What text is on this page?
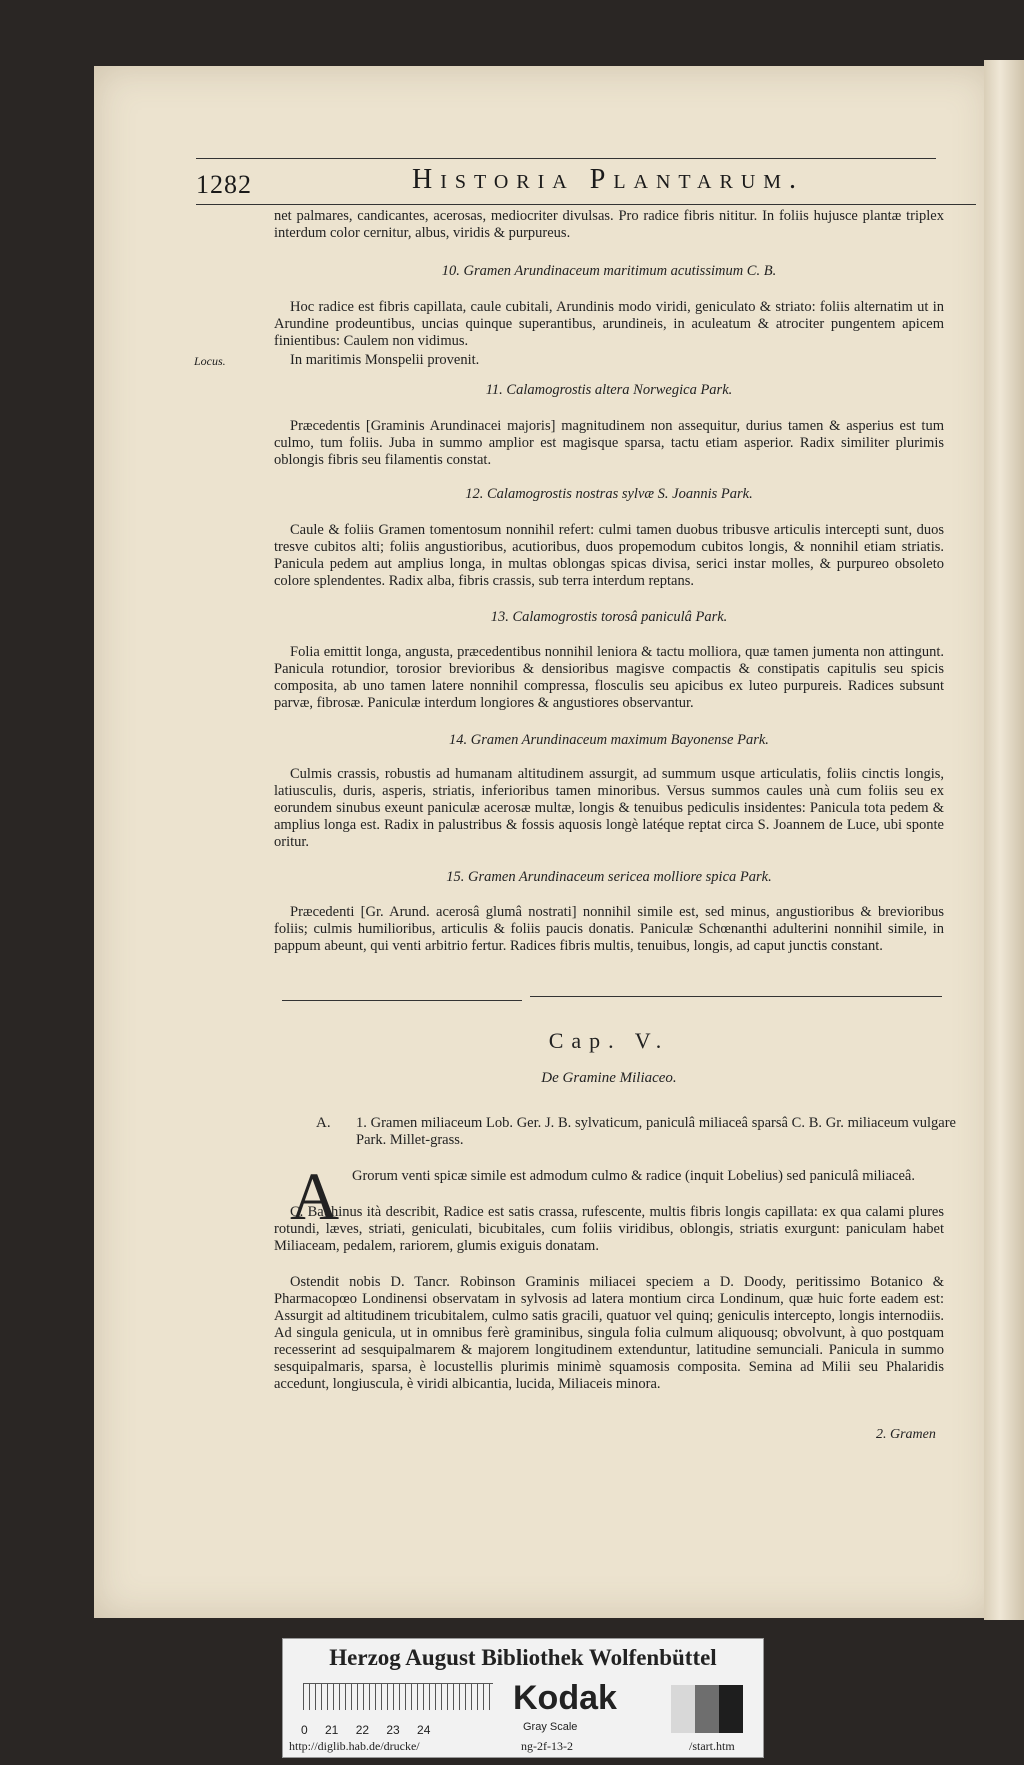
1282	Historia Plantarum.

net palmares, candicantes, acerosas, mediocriter divulsas. Pro radice fibris nititur. In foliis hujusce plantæ triplex interdum color cernitur, albus, viridis & purpureus.

10. Gramen Arundinaceum maritimum acutissimum C. B.

Hoc radice est fibris capillata, caule cubitali, Arundinis modo viridi, geniculato & striato: foliis alternatim ut in Arundine prodeuntibus, uncias quinque superantibus, arundineis, in aculeatum & atrociter pungentem apicem finientibus: Caulem non vidimus.

In maritimis Monspelii provenit.

Locus.
11. Calamogrostis altera Norwegica Park.

Præcedentis [Graminis Arundinacei majoris] magnitudinem non assequitur, durius tamen & asperius est tum culmo, tum foliis. Juba in summo amplior est magisque sparsa, tactu etiam asperior. Radix similiter plurimis oblongis fibris seu filamentis constat.

12. Calamogrostis nostras sylvæ S. Joannis Park.

Caule & foliis Gramen tomentosum nonnihil refert: culmi tamen duobus tribusve articulis intercepti sunt, duos tresve cubitos alti; foliis angustioribus, acutioribus, duos propemodum cubitos longis, & nonnihil etiam striatis. Panicula pedem aut amplius longa, in multas oblongas spicas divisa, serici instar molles, & purpureo obsoleto colore splendentes. Radix alba, fibris crassis, sub terra interdum reptans.

13. Calamogrostis torosâ paniculâ Park.

Folia emittit longa, angusta, præcedentibus nonnihil leniora & tactu molliora, quæ tamen jumenta non attingunt. Panicula rotundior, torosior brevioribus & densioribus magisve compactis & constipatis capitulis seu spicis composita, ab uno tamen latere nonnihil compressa, flosculis seu apicibus ex luteo purpureis. Radices subsunt parvæ, fibrosæ. Paniculæ interdum longiores & angustiores observantur.

14. Gramen Arundinaceum maximum Bayonense Park.

Culmis crassis, robustis ad humanam altitudinem assurgit, ad summum usque articulatis, foliis cinctis longis, latiusculis, duris, asperis, striatis, inferioribus tamen minoribus. Versus summos caules unà cum foliis seu ex eorundem sinubus exeunt paniculæ acerosæ multæ, longis & tenuibus pediculis insidentes: Panicula tota pedem & amplius longa est. Radix in palustribus & fossis aquosis longè latéque reptat circa S. Joannem de Luce, ubi sponte oritur.

15. Gramen Arundinaceum sericea molliore spica Park.

Præcedenti [Gr. Arund. acerosâ glumâ nostrati] nonnihil simile est, sed minus, angustioribus & brevioribus foliis; culmis humilioribus, articulis & foliis paucis donatis. Paniculæ Schœnanthi adulterini nonnihil simile, in pappum abeunt, qui venti arbitrio fertur. Radices fibris multis, tenuibus, longis, ad caput junctis constant.

Cap. V.
De Gramine Miliaceo.
A. 1. Gramen miliaceum Lob. Ger. J. B. sylvaticum, paniculâ miliaceâ sparsâ C. B. Gr. miliaceum vulgare Park. Millet-grass.

A Grorum venti spicæ simile est admodum culmo & radice (inquit Lobelius) sed paniculâ miliaceâ.

C. Bauhinus ità describit, Radice est satis crassa, rufescente, multis fibris longis capillata: ex qua calami plures rotundi, læves, striati, geniculati, bicubitales, cum foliis viridibus, oblongis, striatis exurgunt: paniculam habet Miliaceam, pedalem, rariorem, glumis exiguis donatam.

Ostendit nobis D. Tancr. Robinson Graminis miliacei speciem a D. Doody, peritissimo Botanico & Pharmacopœo Londinensi observatam in sylvosis ad latera montium circa Londinum, quæ huic forte eadem est: Assurgit ad altitudinem tricubitalem, culmo satis gracili, quatuor vel quinq; geniculis intercepto, longis internodiis. Ad singula genicula, ut in omnibus ferè graminibus, singula folia culmum aliquousq; obvolvunt, à quo postquam recesserint ad sesquipalmarem & majorem longitudinem extenduntur, latitudine semunciali. Panicula in summo sesquipalmaris, sparsa, è locustellis plurimis minimè squamosis composita. Semina ad Milii seu Phalaridis accedunt, longiuscula, è viridi albicantia, lucida, Miliaceis minora.

2. Gramen
Herzog August Bibliothek Wolfenbüttel
0 21 22 23 24
Kodak
Gray Scale
http://diglib.hab.de/drucke/	ng-2f-13-2	/start.htm
